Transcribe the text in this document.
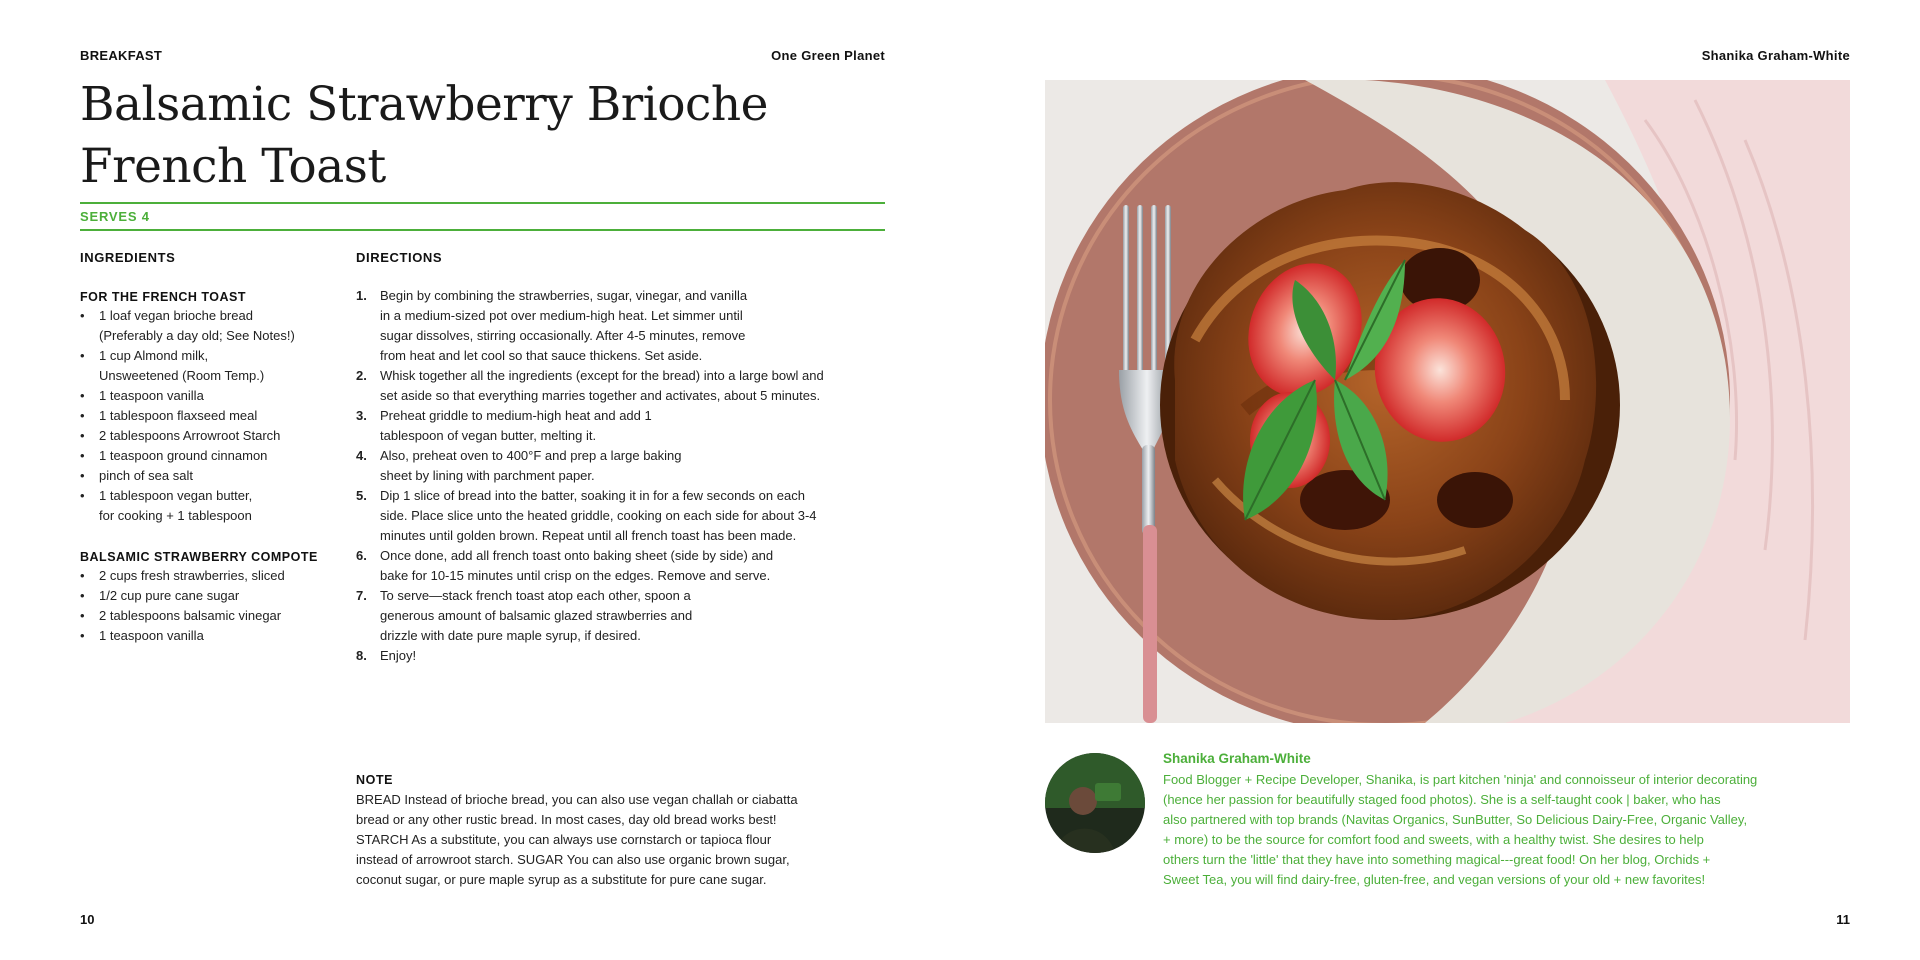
BREAKFAST	One Green Planet
Balsamic Strawberry Brioche
French Toast
SERVES 4
INGREDIENTS
FOR THE FRENCH TOAST
• 1 loaf vegan brioche bread
(Preferably a day old; See Notes!)
• 1 cup Almond milk,
Unsweetened (Room Temp.)
• 1 teaspoon vanilla
• 1 tablespoon flaxseed meal
• 2 tablespoons Arrowroot Starch
• 1 teaspoon ground cinnamon
• pinch of sea salt
• 1 tablespoon vegan butter,
for cooking + 1 tablespoon
BALSAMIC STRAWBERRY COMPOTE
• 2 cups fresh strawberries, sliced
• 1/2 cup pure cane sugar
• 2 tablespoons balsamic vinegar
• 1 teaspoon vanilla
DIRECTIONS
1. Begin by combining the strawberries, sugar, vinegar, and vanilla
in a medium-sized pot over medium-high heat. Let simmer until
sugar dissolves, stirring occasionally. After 4-5 minutes, remove
from heat and let cool so that sauce thickens. Set aside.
2. Whisk together all the ingredients (except for the bread) into a large bowl and
set aside so that everything marries together and activates, about 5 minutes.
3. Preheat griddle to medium-high heat and add 1
tablespoon of vegan butter, melting it.
4. Also, preheat oven to 400°F and prep a large baking
sheet by lining with parchment paper.
5. Dip 1 slice of bread into the batter, soaking it in for a few seconds on each
side. Place slice unto the heated griddle, cooking on each side for about 3-4
minutes until golden brown. Repeat until all french toast has been made.
6. Once done, add all french toast onto baking sheet (side by side) and
bake for 10-15 minutes until crisp on the edges. Remove and serve.
7. To serve—stack french toast atop each other, spoon a
generous amount of balsamic glazed strawberries and
drizzle with date pure maple syrup, if desired.
8. Enjoy!
NOTE
BREAD Instead of brioche bread, you can also use vegan challah or ciabatta
bread or any other rustic bread. In most cases, day old bread works best!
STARCH As a substitute, you can always use cornstarch or tapioca flour
instead of arrowroot starch. SUGAR You can also use organic brown sugar,
coconut sugar, or pure maple syrup as a substitute for pure cane sugar.
10
Shanika Graham-White
Shanika Graham-White
Food Blogger + Recipe Developer, Shanika, is part kitchen 'ninja' and connoisseur of interior decorating
(hence her passion for beautifully staged food photos). She is a self-taught cook | baker, who has
also partnered with top brands (Navitas Organics, SunButter, So Delicious Dairy-Free, Organic Valley,
+ more) to be the source for comfort food and sweets, with a healthy twist. She desires to help
others turn the 'little' that they have into something magical---great food! On her blog, Orchids +
Sweet Tea, you will find dairy-free, gluten-free, and vegan versions of your old + new favorites!
11
